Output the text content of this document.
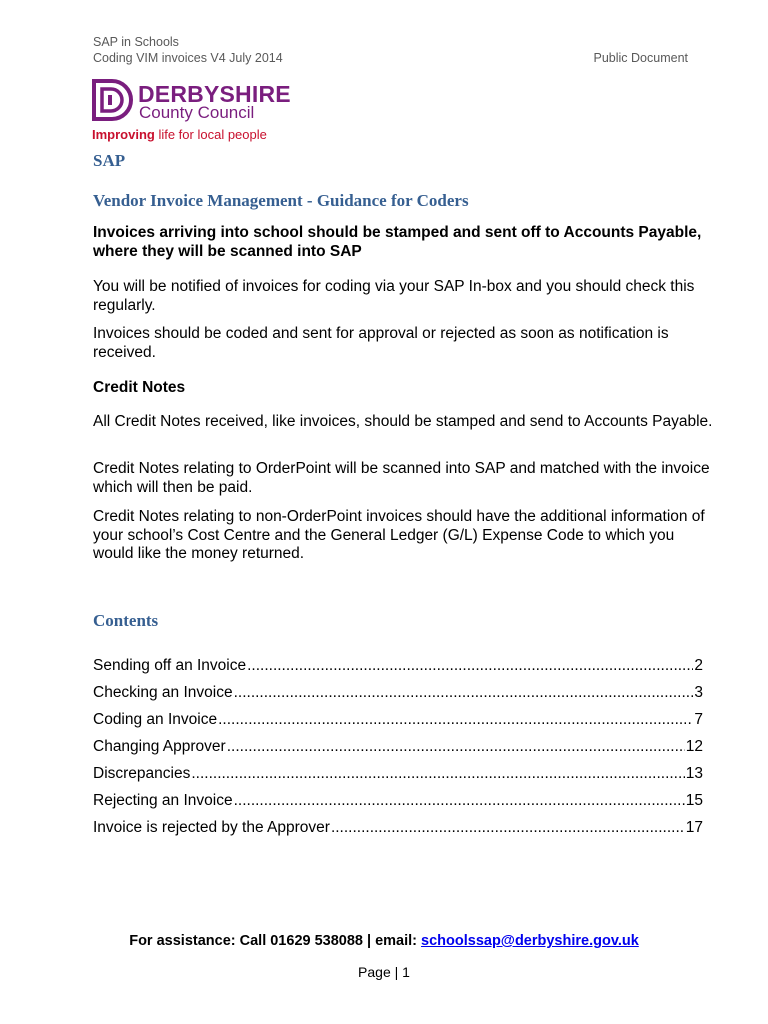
SAP in Schools
Coding VIM invoices V4 July 2014	Public Document
DERBYSHIRE
County Council
Improving life for local people
SAP
Vendor Invoice Management - Guidance for Coders

Invoices arriving into school should be stamped and sent off to Accounts Payable, where they will be scanned into SAP

You will be notified of invoices for coding via your SAP In-box and you should check this regularly.

Invoices should be coded and sent for approval or rejected as soon as notification is received.

Credit Notes

All Credit Notes received, like invoices, should be stamped and send to Accounts Payable.

Credit Notes relating to OrderPoint will be scanned into SAP and matched with the invoice which will then be paid.

Credit Notes relating to non-OrderPoint invoices should have the additional information of your school’s Cost Centre and the General Ledger (G/L) Expense Code to which you would like the money returned.

Contents
Sending off an Invoice .....	2
Checking an Invoice .....	3
Coding an Invoice .....	7
Changing Approver .....	12
Discrepancies .....	13
Rejecting an Invoice .....	15
Invoice is rejected by the Approver .....	17
For assistance: Call 01629 538088 | email: schoolssap@derbyshire.gov.uk
Page | 1
